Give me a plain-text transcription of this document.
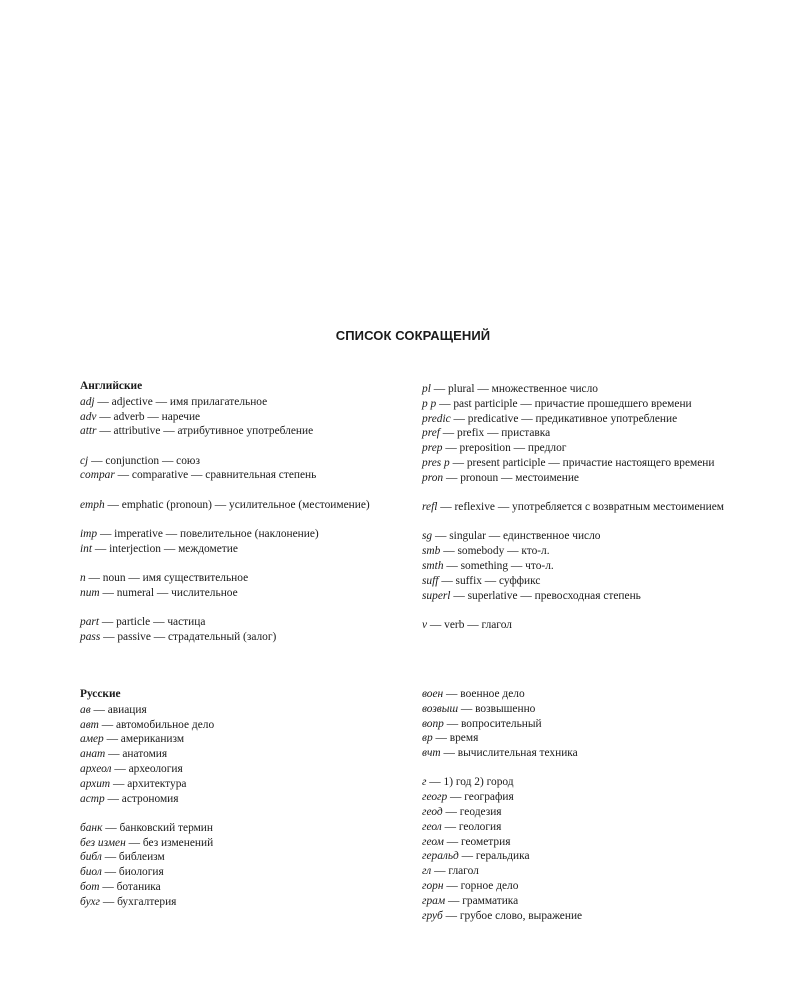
СПИСОК СОКРАЩЕНИЙ
Английские
adj — adjective — имя прилагательное
adv — adverb — наречие
attr — attributive — атрибутивное употребление
cj — conjunction — союз
compar — comparative — сравнительная степень
emph — emphatic (pronoun) — усилительное (местоимение)
imp — imperative — повелительное (наклонение)
int — interjection — междометие
n — noun — имя существительное
num — numeral — числительное
part — particle — частица
pass — passive — страдательный (залог)
pl — plural — множественное число
p p — past participle — причастие прошедшего времени
predic — predicative — предикативное употребление
pref — prefix — приставка
prep — preposition — предлог
pres p — present participle — причастие настоящего времени
pron — pronoun — местоимение
refl — reflexive — употребляется с возвратным местоимением
sg — singular — единственное число
smb — somebody — кто-л.
smth — something — что-л.
suff — suffix — суффикс
superl — superlative — превосходная степень
v — verb — глагол
Русские
ав — авиация
авт — автомобильное дело
амер — американизм
анат — анатомия
археол — археология
архит — архитектура
астр — астрономия
банк — банковский термин
без измен — без изменений
библ — библеизм
биол — биология
бот — ботаника
бухг — бухгалтерия
воен — военное дело
возвыш — возвышенно
вопр — вопросительный
вр — время
вчт — вычислительная техника
г — 1) год 2) город
геогр — география
геод — геодезия
геол — геология
геом — геометрия
геральд — геральдика
гл — глагол
горн — горное дело
грам — грамматика
груб — грубое слово, выражение
